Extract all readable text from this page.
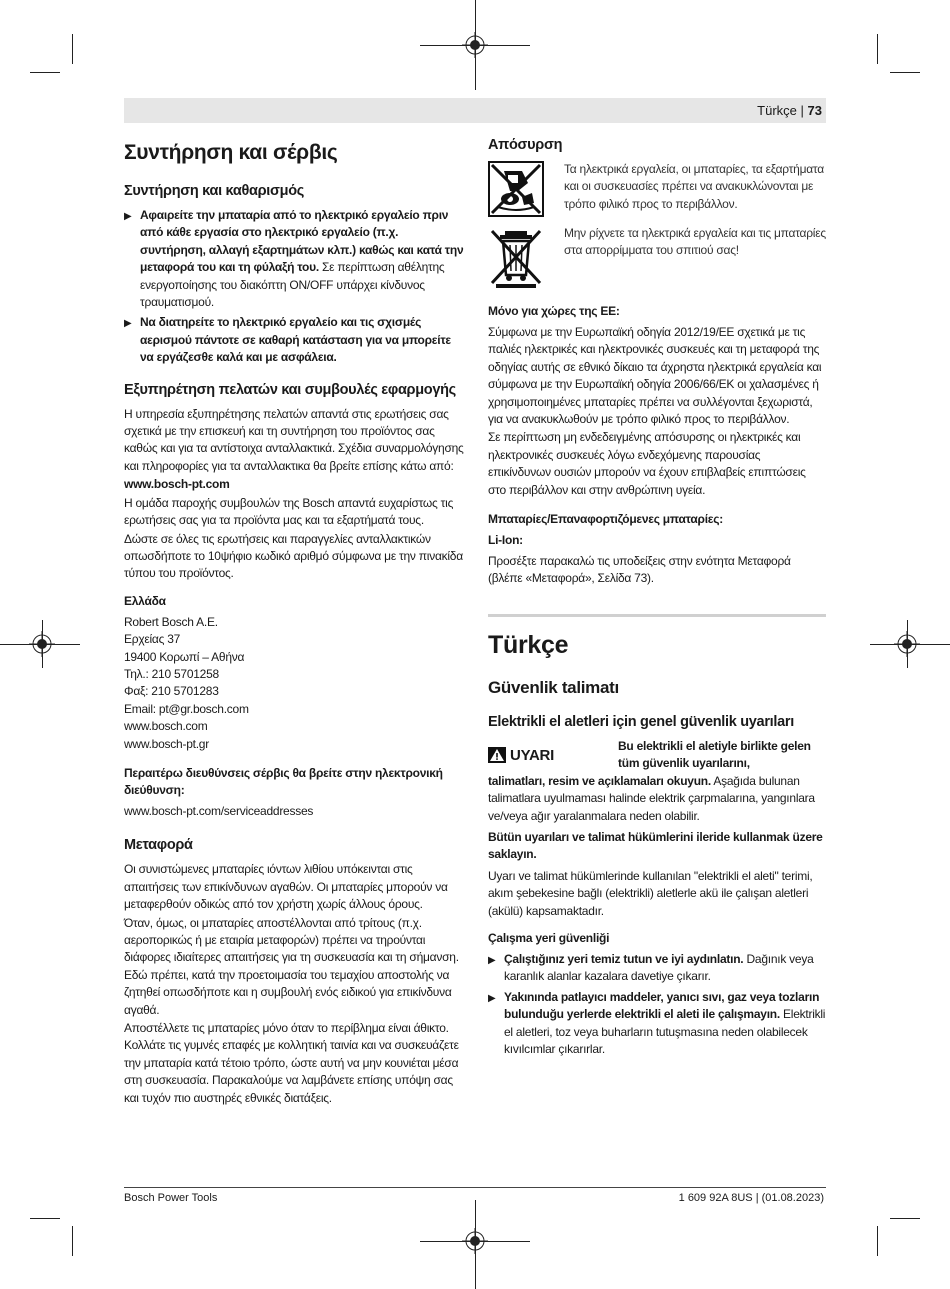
Türkçe | 73
Συντήρηση και σέρβις
Συντήρηση και καθαρισμός
▶ Αφαιρείτε την μπαταρία από το ηλεκτρικό εργαλείο πριν από κάθε εργασία στο ηλεκτρικό εργαλείο (π.χ. συντήρηση, αλλαγή εξαρτημάτων κλπ.) καθώς και κατά την μεταφορά του και τη φύλαξή του. Σε περίπτωση αθέλητης ενεργοποίησης του διακόπτη ON/OFF υπάρχει κίνδυνος τραυματισμού.
▶ Να διατηρείτε το ηλεκτρικό εργαλείο και τις σχισμές αερισμού πάντοτε σε καθαρή κατάσταση για να μπορείτε να εργάζεσθε καλά και με ασφάλεια.
Εξυπηρέτηση πελατών και συμβουλές εφαρμογής

Η υπηρεσία εξυπηρέτησης πελατών απαντά στις ερωτήσεις σας σχετικά με την επισκευή και τη συντήρηση του προϊόντος σας καθώς και για τα αντίστοιχα ανταλλακτικά. Σχέδια συναρμολόγησης και πληροφορίες για τα ανταλλακτικα θα βρείτε επίσης κάτω από:

www.bosch-pt.com

Η ομάδα παροχής συμβουλών της Bosch απαντά ευχαρίστως τις ερωτήσεις σας για τα προϊόντα μας και τα εξαρτήματά τους.

Δώστε σε όλες τις ερωτήσεις και παραγγελίες ανταλλακτικών οπωσδήποτε το 10ψήφιο κωδικό αριθμό σύμφωνα με την πινακίδα τύπου του προϊόντος.

Ελλάδα

Robert Bosch A.E.

Ερχείας 37

19400 Κορωπί – Αθήνα

Τηλ.: 210 5701258

Φαξ: 210 5701283

Email: pt@gr.bosch.com

www.bosch.com

www.bosch-pt.gr

Περαιτέρω διευθύνσεις σέρβις θα βρείτε στην ηλεκτρονική διεύθυνση:

www.bosch-pt.com/serviceaddresses

Μεταφορά

Οι συνιστώμενες μπαταρίες ιόντων λιθίου υπόκεινται στις απαιτήσεις των επικίνδυνων αγαθών. Οι μπαταρίες μπορούν να μεταφερθούν οδικώς από τον χρήστη χωρίς άλλους όρους.

Όταν, όμως, οι μπαταρίες αποστέλλονται από τρίτους (π.χ. αεροπορικώς ή με εταιρία μεταφορών) πρέπει να τηρούνται διάφορες ιδιαίτερες απαιτήσεις για τη συσκευασία και τη σήμανση. Εδώ πρέπει, κατά την προετοιμασία του τεμαχίου αποστολής να ζητηθεί οπωσδήποτε και η συμβουλή ενός ειδικού για επικίνδυνα αγαθά.

Αποστέλλετε τις μπαταρίες μόνο όταν το περίβλημα είναι άθικτο. Κολλάτε τις γυμνές επαφές με κολλητική ταινία και να συσκευάζετε την μπαταρία κατά τέτοιο τρόπο, ώστε αυτή να μην κουνιέται μέσα στη συσκευασία. Παρακαλούμε να λαμβάνετε επίσης υπόψη σας και τυχόν πιο αυστηρές εθνικές διατάξεις.

Απόσυρση

Τα ηλεκτρικά εργαλεία, οι μπαταρίες, τα εξαρτήματα και οι συσκευασίες πρέπει να ανακυκλώνονται με τρόπο φιλικό προς το περιβάλλον.

Μην ρίχνετε τα ηλεκτρικά εργαλεία και τις μπαταρίες στα απορρίμματα του σπιτιού σας!

Μόνο για χώρες της ΕΕ:

Σύμφωνα με την Ευρωπαϊκή οδηγία 2012/19/ΕΕ σχετικά με τις παλιές ηλεκτρικές και ηλεκτρονικές συσκευές και τη μεταφορά της οδηγίας αυτής σε εθνικό δίκαιο τα άχρηστα ηλεκτρικά εργαλεία και σύμφωνα με την Ευρωπαϊκή οδηγία 2006/66/ΕΚ οι χαλασμένες ή χρησιμοποιημένες μπαταρίες πρέπει να συλλέγονται ξεχωριστά, για να ανακυκλωθούν με τρόπο φιλικό προς το περιβάλλον.

Σε περίπτωση μη ενδεδειγμένης απόσυρσης οι ηλεκτρικές και ηλεκτρονικές συσκευές λόγω ενδεχόμενης παρουσίας επικίνδυνων ουσιών μπορούν να έχουν επιβλαβείς επιπτώσεις στο περιβάλλον και στην ανθρώπινη υγεία.

Μπαταρίες/Επαναφορτιζόμενες μπαταρίες:
Li-Ion:

Προσέξτε παρακαλώ τις υποδείξεις στην ενότητα Μεταφορά (βλέπε «Μεταφορά», Σελίδα 73).

Türkçe
Güvenlik talimatı
Elektrikli el aletleri için genel güvenlik uyarıları
UYARI
Bu elektrikli el aletiyle birlikte gelen tüm güvenlik uyarılarını,

talimatları, resim ve açıklamaları okuyun. Aşağıda bulunan talimatlara uyulmaması halinde elektrik çarpmalarına, yangınlara ve/veya ağır yaralanmalara neden olabilir.

Bütün uyarıları ve talimat hükümlerini ileride kullanmak üzere saklayın.

Uyarı ve talimat hükümlerinde kullanılan "elektrikli el aleti" terimi, akım şebekesine bağlı (elektrikli) aletlerle akü ile çalışan aletleri (akülü) kapsamaktadır.

Çalışma yeri güvenliği
▶ Çalıştığınız yeri temiz tutun ve iyi aydınlatın. Dağınık veya karanlık alanlar kazalara davetiye çıkarır.
▶ Yakınında patlayıcı maddeler, yanıcı sıvı, gaz veya tozların bulunduğu yerlerde elektrikli el aleti ile çalışmayın. Elektrikli el aletleri, toz veya buharların tutuşmasına neden olabilecek kıvılcımlar çıkarırlar.
Bosch Power Tools	1 609 92A 8US | (01.08.2023)
